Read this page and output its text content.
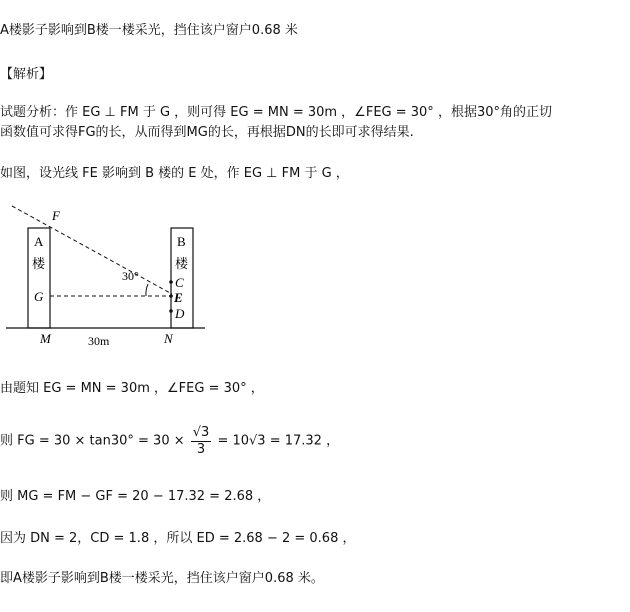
A楼影子影响到B楼一楼采光，挡住该户窗户0.68 米
【解析】
试题分析：作 EG ⊥ FM 于 G ，则可得 EG = MN = 30m ，∠FEG = 30° ，根据30°角的正切
函数值可求得FG的长，从而得到MG的长，再根据DN的长即可求得结果.
如图，设光线 FE 影响到 B 楼的 E 处，作 EG ⊥ FM 于 G ，
F
A
楼
B
楼
30°
G
C
E
D
M	30m	N
由题知 EG = MN = 30m ，∠FEG = 30° ，
则 FG = $30 \times \tan 30^\circ = 30 \times \frac{√3}{3} = 10√3 = 17.32$ ，
则 MG = FM − GF = 20 − 17.32 = 2.68 ，
因为 DN = 2，CD = 1.8 ，所以 ED = 2.68 − 2 = 0.68 ，
即A楼影子影响到B楼一楼采光，挡住该户窗户0.68 米。
